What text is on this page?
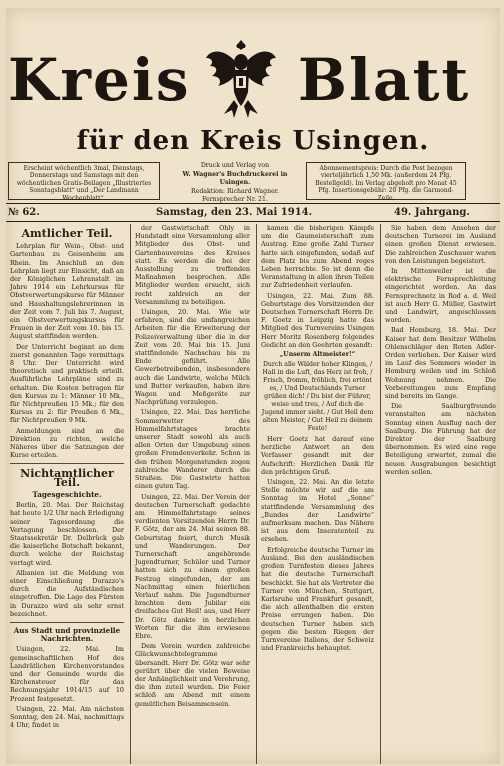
Kreis Blatt
für den Kreis Usingen.
Erscheint wöchentlich 3mal, Dienstags, Donnerstags und Samstags mit den wöchentlichen Gratis-Beilagen „Illustriertes Sonntagsblatt“ und „Der Landmann Wochenblatt“.
Druck und Verlag von
W. Wagner's Buchdruckerei in Usingen.
Redaktion: Richard Wagner.
Fernsprecher Nr. 21.
Abonnementspreis: Durch die Post bezogen vierteljährlich 1,50 Mk. (außerdem 24 Pfg. Bestellgeld). Im Verlag abgeholt pro Monat 45 Pfg. Insertionsgebühr: 20 Pfg. die Garmond-Zeile.
№ 62.	Samstag, den 23. Mai 1914.	49. Jahrgang.
Amtlicher Teil.

Lehrplan für Wein-, Obst- und Gartenbau zu Geisenheim am Rhein. Im Anschluß an den Lehrplan liegt zur Einsicht, daß an der Königlichen Lehranstalt im Jahre 1914 ein Lehrkursus für Obstverwertungskurse für Männer und Haushaltungslehrerinnen in der Zeit vom 7. Juli bis 7. August, ein Obstverwertungskursus für Frauen in der Zeit vom 10. bis 15. August stattfinden werden.

Der Unterricht beginnt an dem zuerst genannten Tage vormittags 8 Uhr. Der Unterricht wird theoretisch und praktisch erteilt. Ausführliche Lehrpläne sind zu erhalten. Die Kosten betragen für den Kursus zu 1: Männer 10 Mk., für Nichtpreußen 15 Mk.; für den Kursus zu 2: für Preußen 6 Mk., für Nichtpreußen 9 Mk.

Anmeldungen sind an die Direktion zu richten, welche Näheres über die Satzungen der Kurse erteilen.

Nichtamtlicher Teil.
Tagesgeschichte.

Berlin, 20. Mai. Der Reichstag hat heute 1/2 Uhr nach Erledigung seiner Tagesordnung die Vertagung beschlossen. Der Staatssekretär Dr. Delbrück gab die kaiserliche Botschaft bekannt, durch welche der Reichstag vertagt wird.

Albanien ist die Meldung von einer Einschließung Durazzo's durch die Aufständischen eingetroffen. Die Lage des Fürsten in Durazzo wird als sehr ernst bezeichnet.

Aus Stadt und provinzielle Nachrichten.

Usingen, 22. Mai. Im gemeinschaftlichen Hof des Landrätlichen Kirchenvorstandes und der Gemeinde wurde die Kirchensteuer für das Rechnungsjahr 1914/15 auf 10 Prozent festgesetzt.

Usingen, 22. Mai. Am nächsten Sonntag, den 24. Mai, nachmittags 4 Uhr, findet in

der Gastwirtschaft Ohly in Hundstadt eine Versammlung aller Mitglieder des Obst- und Gartenbauvereins des Kreises statt. Es werden die bei der Ausstellung zu treffenden Maßnahmen besprochen. Alle Mitglieder werden ersucht, sich recht zahlreich an der Versammlung zu beteiligen.

Usingen, 20. Mai. Wie wir erfahren, sind die umfangreichen Arbeiten für die Erweiterung der Polizeiverwaltung über die in der Zeit vom 20. Mai bis 15. Juni stattfindende Nachschau bis zu Ende geführt. Alle Gewerbetreibenden, insbesondere auch die Landwirte, welche Milch und Butter verkaufen, haben ihre Wagen und Meßgeräte zur Nachprüfung vorzulegen.

Usingen, 22. Mai. Das herrliche Sommerwetter des Himmelfahrtstages brachte unserer Stadt sowohl als auch allen Orten der Umgebung einen großen Fremdenverkehr. Schon in den frühen Morgenstunden zogen zahlreiche Wanderer durch die Straßen. Die Gastwirte hatten einen guten Tag.

Usingen, 22. Mai. Der Verein der deutschen Turnerschaft gedachte am Himmelfahrtstage seines verdienten Vorsitzenden Herrn Dr. F. Götz, der am 24. Mai seinen 88. Geburtstag feiert, durch Musik und Wanderungen. Der Turnerschaft angehörende Jugendturner, Schüler und Turner hatten sich zu einem großen Festzug eingefunden, der am Nachmittag einen feierlichen Verlauf nahm. Die Jugendturner brachten dem Jubilar ein dreifaches Gut Heil! aus, und Herr Dr. Götz dankte in herzlichen Worten für die ihm erwiesene Ehre.

Dem Verein wurden zahlreiche Glückwunschtelegramme übersandt. Herr Dr. Götz war sehr gerührt über die vielen Beweise der Anhänglichkeit und Verehrung, die ihm zuteil wurden. Die Feier schloß am Abend mit einem gemütlichen Beisammensein.

kamen die bisherigen Kämpfe um die Gaumeisterschaft zum Austrag. Eine große Zahl Turner hatte sich eingefunden, sodaß auf dem Platz bis zum Abend reges Leben herrschte. So ist denn die Veranstaltung in allen ihren Teilen zur Zufriedenheit verlaufen.

Usingen, 22. Mai. Zum 88. Geburtstage des Vorsitzenden der Deutschen Turnerschaft Herrn Dr. F. Goetz in Leipzig hatte das Mitglied des Turnvereins Usingen Herr Moritz Rosenberg folgendes Gedicht an den Geehrten gesandt:

„Unserm Altmeister!“

Durch alle Wälder hoher Klingen, / Hall in die Luft, das Herz ist froh, / Frisch, fromm, fröhlich, frei ertönt es, / Und Deutschlands Turner grüßen dich! / Du bist der Führer, weise und treu, / Auf dich die Jugend immer sieht. / Gut Heil dem alten Meister, / Gut Heil zu deinem Feste!

Herr Goetz hat darauf eine herzliche Antwort an den Verfasser gesandt mit der Aufschrift: Herzlichen Dank für den prächtigen Gruß.

Usingen, 22. Mai. An die letzte Stelle möchte wir auf die am Sonntag im Hotel „Sonne“ stattfindende Versammlung des „Bundes der Landwirte“ aufmerksam machen. Das Nähere ist aus dem Inseratenteil zu ersehen.

Erfolgreiche deutsche Turner im Ausland. Bei den ausländischen großen Turnfesten dieses Jahres hat die deutsche Turnerschaft beschickt. Sie hat als Vertreter die Turner von München, Stuttgart, Karlsruhe und Frankfurt gesandt, die sich allenthalben die ersten Preise errungen haben. Die deutschen Turner haben sich gegen die besten Riegen der Turnvereine Italiens, der Schweiz und Frankreichs behauptet.

Sie haben dem Ansehen der deutschen Turnerei im Ausland einen großen Dienst erwiesen. Die zahlreichen Zuschauer waren von den Leistungen begeistert.

In Mittenweiler ist die elektrische Fernsprechleitung eingerichtet worden. An das Fernsprechnetz in Rod a. d. Weil ist auch Herr G. Müller, Gastwirt und Landwirt, angeschlossen worden.

Bad Homburg, 18. Mai. Der Kaiser hat dem Besitzer Wilhelm Ohlenschläger den Roten Adler-Orden verliehen. Der Kaiser wird im Lauf des Sommers wieder in Homburg weilen und im Schloß Wohnung nehmen. Die Vorbereitungen zum Empfang sind bereits im Gange.

Die Saalburgfreunde veranstalten am nächsten Sonntag einen Ausflug nach der Saalburg. Die Führung hat der Direktor der Saalburg übernommen. Es wird eine rege Beteiligung erwartet, zumal die neuen Ausgrabungen besichtigt werden sollen.
